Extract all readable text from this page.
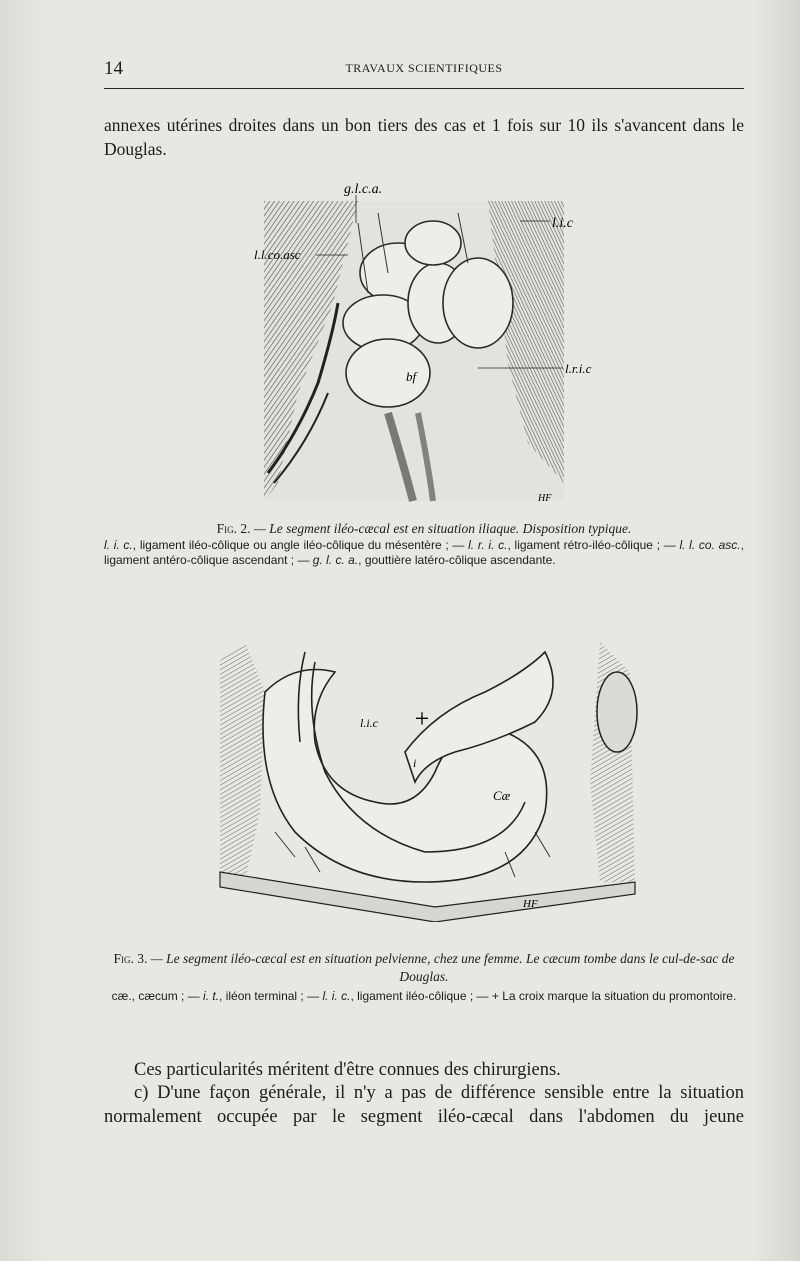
14	TRAVAUX SCIENTIFIQUES

annexes utérines droites dans un bon tiers des cas et 1 fois sur 10 ils s'avancent dans le Douglas.

g.l.c.a.
l.i.c
l.l.co.asc
l.r.i.c
bf
HF
Fig. 2. — Le segment iléo-cæcal est en situation iliaque. Disposition typique.
l. i. c., ligament iléo-côlique ou angle iléo-côlique du mésentère ; — l. r. i. c., ligament rétro-iléo-côlique ; — l. l. co. asc., ligament antéro-côlique ascendant ; — g. l. c. a., gouttière latéro-côlique ascendante.
l.i.c +
i
Cæ
HF
Fig. 3. — Le segment iléo-cæcal est en situation pelvienne, chez une femme. Le cæcum tombe dans le cul-de-sac de Douglas.
cæ., cæcum ; — i. t., iléon terminal ; — l. i. c., ligament iléo-côlique ; — + La croix marque la situation du promontoire.
Ces particularités méritent d'être connues des chirurgiens.
c) D'une façon générale, il n'y a pas de différence sensible entre la situation
normalement occupée par le segment iléo-cæcal dans l'abdomen du jeune
